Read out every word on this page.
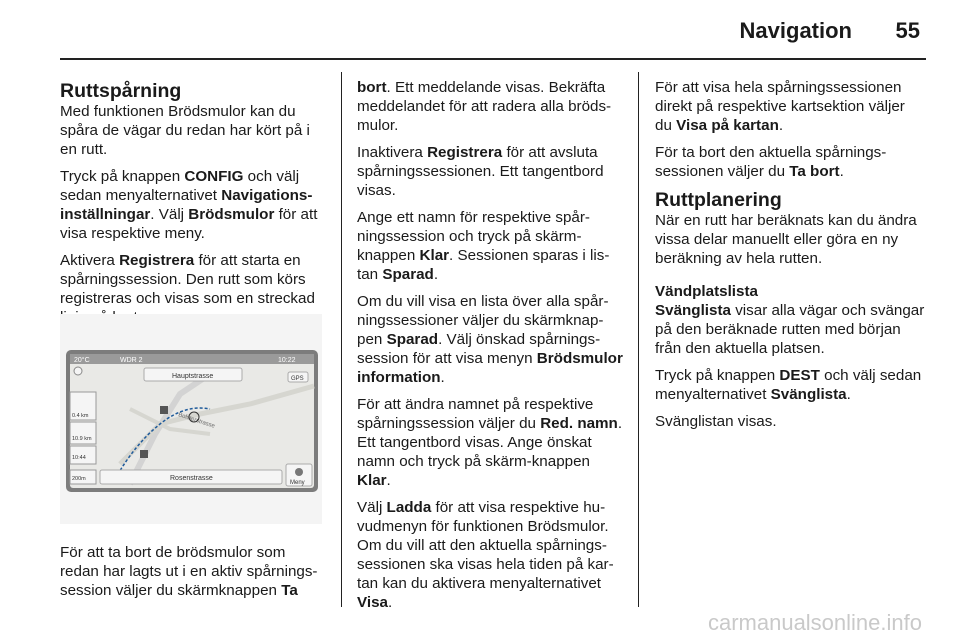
Navigation 55
Ruttspårning

Med funktionen Brödsmulor kan du spåra de vägar du redan har kört på i en rutt.

Tryck på knappen CONFIG och välj sedan menyalternativet Navigations-inställningar. Välj Brödsmulor för att visa respektive meny.

Aktivera Registrera för att starta en spårningssession. Den rutt som körs registreras och visas som en streckad

20°C	WDR 2	10:22
Bolsterstrasse
Hauptstrasse	GPS
0.4 km
10.9 km
10:44
200m	Rosenstrasse
Meny

För att ta bort de brödsmulor som redan har lagts ut i en aktiv spårnings-session väljer du skärmknappen Ta

bort. Ett meddelande visas. Bekräfta meddelandet för att radera alla bröds-mulor.

Inaktivera Registrera för att avsluta spårningssessionen. Ett tangentbord visas.

Ange ett namn för respektive spår-ningssession och tryck på skärm-knappen Klar. Sessionen sparas i lis-tan Sparad.

Om du vill visa en lista över alla spår-ningssessioner väljer du skärmknap-pen Sparad. Välj önskad spårnings-session för att visa menyn Brödsmulor information.

För att ändra namnet på respektive spårningssession väljer du Red. namn. Ett tangentbord visas. Ange önskat namn och tryck på skärm-knappen Klar.

Välj Ladda för att visa respektive hu-vudmenyn för funktionen Brödsmulor. Om du vill att den aktuella spårnings-sessionen ska visas hela tiden på kar-tan kan du aktivera menyalternativet Visa.

För att visa hela spårningssessionen direkt på respektive kartsektion väljer du Visa på kartan.

För ta bort den aktuella spårnings-sessionen väljer du Ta bort.

Ruttplanering

När en rutt har beräknats kan du ändra vissa delar manuellt eller göra en ny beräkning av hela rutten.

Vändplatslista

Svänglista visar alla vägar och svängar på den beräknade rutten med början från den aktuella platsen.

Tryck på knappen DEST och välj sedan menyalternativet Svänglista.

Svänglistan visas.

carmanualsonline.info
